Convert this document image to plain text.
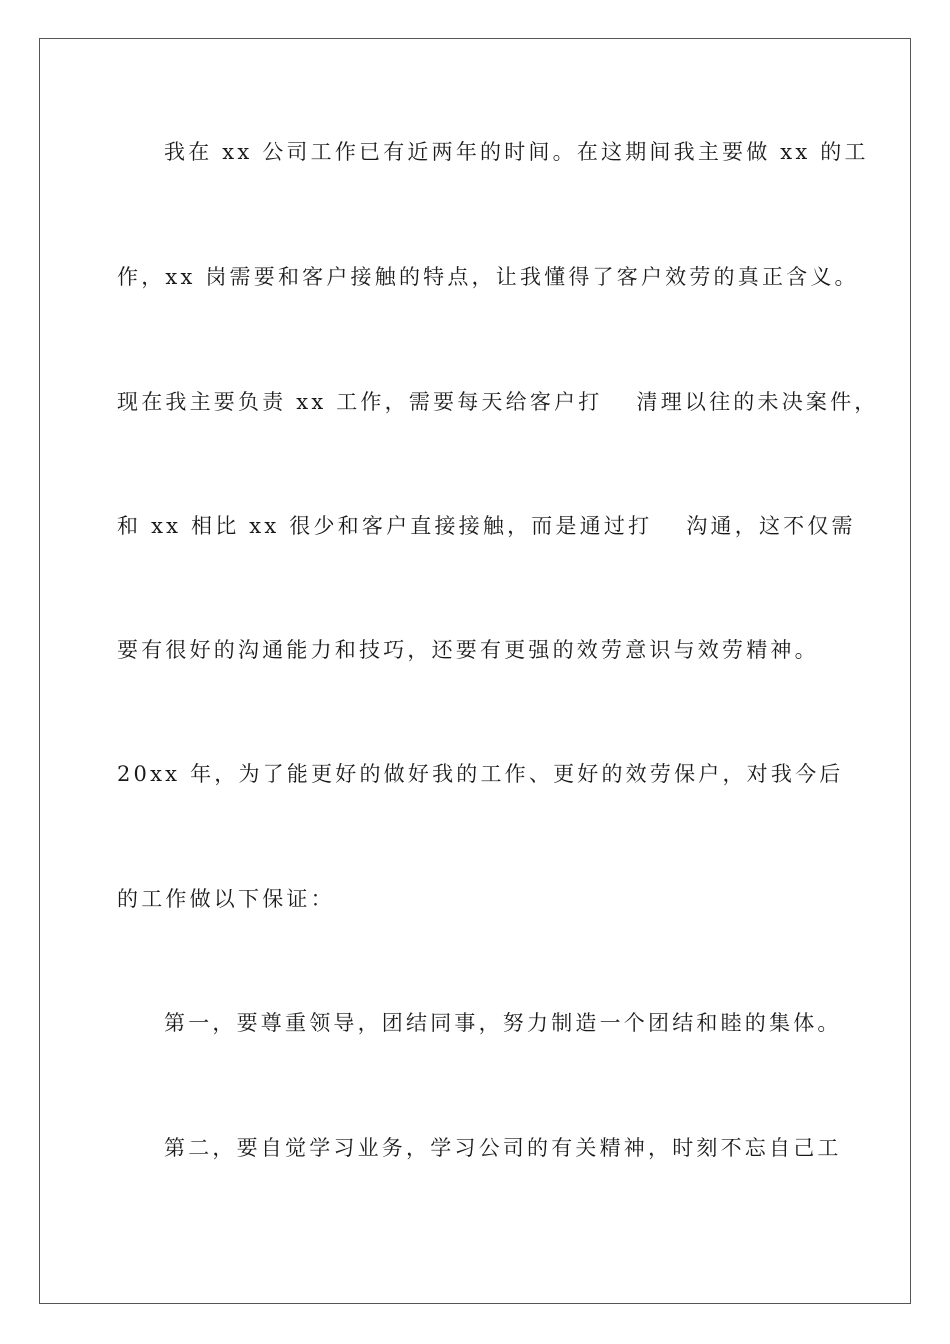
我在 xx 公司工作已有近两年的时间。在这期间我主要做 xx 的工
作，xx 岗需要和客户接触的特点，让我懂得了客户效劳的真正含义。
现在我主要负责 xx 工作，需要每天给客户打　 清理以往的未决案件，
和 xx 相比 xx 很少和客户直接接触，而是通过打　 沟通，这不仅需
要有很好的沟通能力和技巧，还要有更强的效劳意识与效劳精神。
20xx 年，为了能更好的做好我的工作、更好的效劳保户，对我今后
的工作做以下保证：
第一，要尊重领导，团结同事，努力制造一个团结和睦的集体。
第二，要自觉学习业务，学习公司的有关精神，时刻不忘自己工
